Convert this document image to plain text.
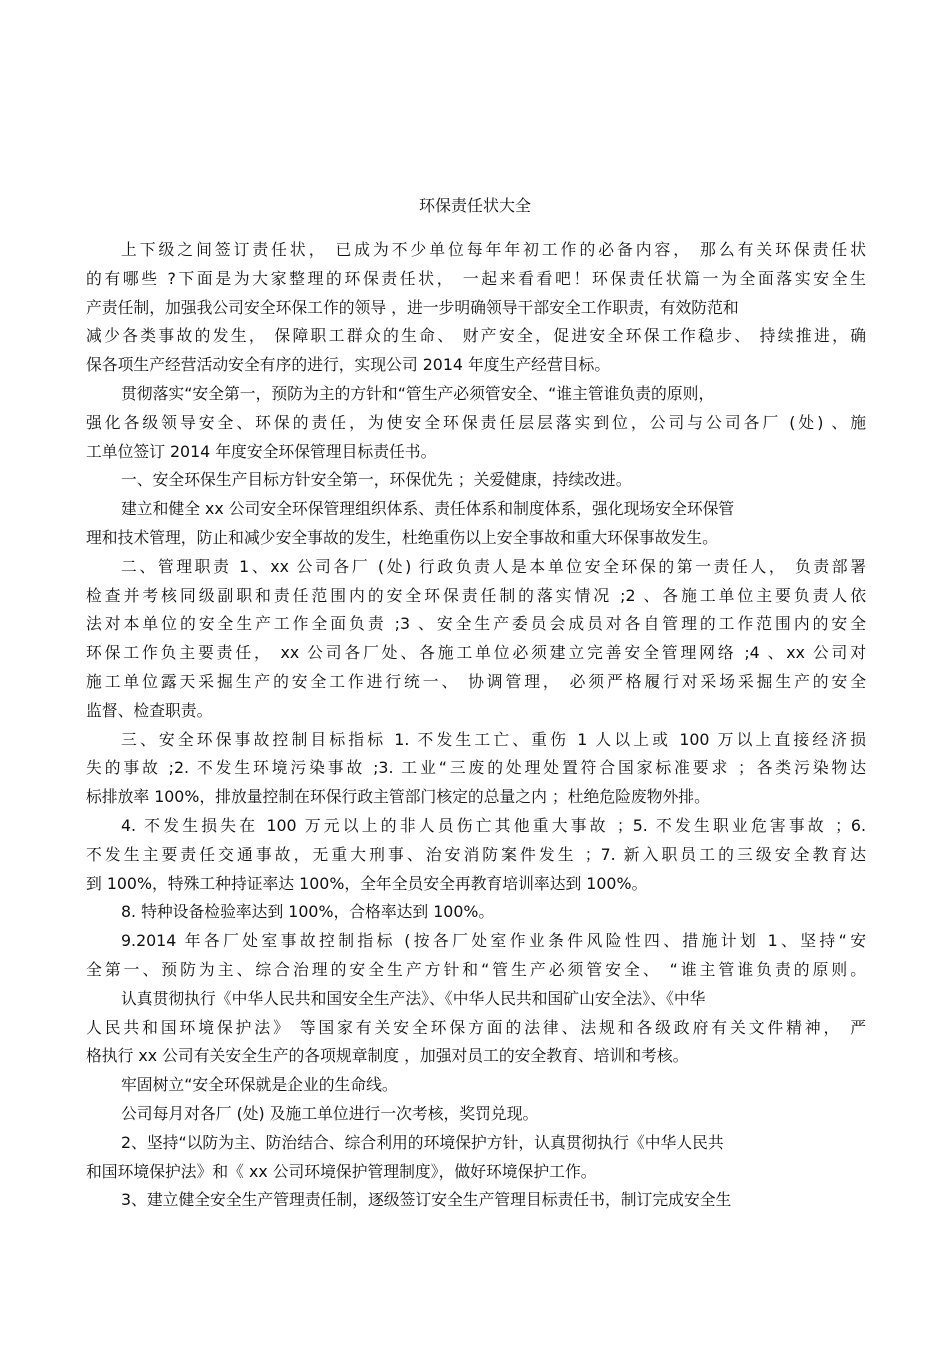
环保责任状大全
上下级之间签订责任状， 已成为不少单位每年年初工作的必备内容， 那么有关环保责任状
的有哪些 ?下面是为大家整理的环保责任状， 一起来看看吧！环保责任状篇一为全面落实安全生
产责任制，加强我公司安全环保工作的领导 ，进一步明确领导干部安全工作职责，有效防范和
减少各类事故的发生， 保障职工群众的生命、 财产安全，促进安全环保工作稳步、 持续推进，确
保各项生产经营活动安全有序的进行，实现公司 2014 年度生产经营目标。
贯彻落实“安全第一，预防为主的方针和“管生产必须管安全、“谁主管谁负责的原则，
强化各级领导安全、环保的责任，为使安全环保责任层层落实到位，公司与公司各厂 (处) 、施
工单位签订 2014 年度安全环保管理目标责任书。
一、安全环保生产目标方针安全第一，环保优先 ；关爱健康，持续改进。
建立和健全 xx 公司安全环保管理组织体系、责任体系和制度体系，强化现场安全环保管
理和技术管理，防止和减少安全事故的发生，杜绝重伤以上安全事故和重大环保事故发生。
二、管理职责 1、xx 公司各厂 (处) 行政负责人是本单位安全环保的第一责任人， 负责部署
检查并考核同级副职和责任范围内的安全环保责任制的落实情况 ;2 、各施工单位主要负责人依
法对本单位的安全生产工作全面负责 ;3 、安全生产委员会成员对各自管理的工作范围内的安全
环保工作负主要责任， xx 公司各厂处、各施工单位必须建立完善安全管理网络 ;4 、xx 公司对
施工单位露天采掘生产的安全工作进行统一、 协调管理， 必须严格履行对采场采掘生产的安全
监督、检查职责。
三、安全环保事故控制目标指标 1. 不发生工亡、重伤 1 人以上或 100 万以上直接经济损
失的事故 ;2. 不发生环境污染事故 ;3. 工业“三废的处理处置符合国家标准要求 ；各类污染物达
标排放率 100%，排放量控制在环保行政主管部门核定的总量之内 ；杜绝危险废物外排。
4. 不发生损失在 100 万元以上的非人员伤亡其他重大事故 ；5. 不发生职业危害事故 ；6.
不发生主要责任交通事故，无重大刑事、治安消防案件发生 ；7. 新入职员工的三级安全教育达
到 100%，特殊工种持证率达 100%，全年全员安全再教育培训率达到 100%。
8. 特种设备检验率达到 100%，合格率达到 100%。
9.2014 年各厂处室事故控制指标 (按各厂处室作业条件风险性四、措施计划 1、坚持“安
全第一、预防为主、综合治理的安全生产方针和“管生产必须管安全、 “谁主管谁负责的原则。
认真贯彻执行《中华人民共和国安全生产法》、《中华人民共和国矿山安全法》、《中华
人民共和国环境保护法》 等国家有关安全环保方面的法律、法规和各级政府有关文件精神， 严
格执行 xx 公司有关安全生产的各项规章制度 ，加强对员工的安全教育、培训和考核。
牢固树立“安全环保就是企业的生命线。
公司每月对各厂 (处) 及施工单位进行一次考核，奖罚兑现。
2、坚持“以防为主、防治结合、综合利用的环境保护方针，认真贯彻执行《中华人民共
和国环境保护法》和《 xx 公司环境保护管理制度》，做好环境保护工作。
3、建立健全安全生产管理责任制，逐级签订安全生产管理目标责任书，制订完成安全生
